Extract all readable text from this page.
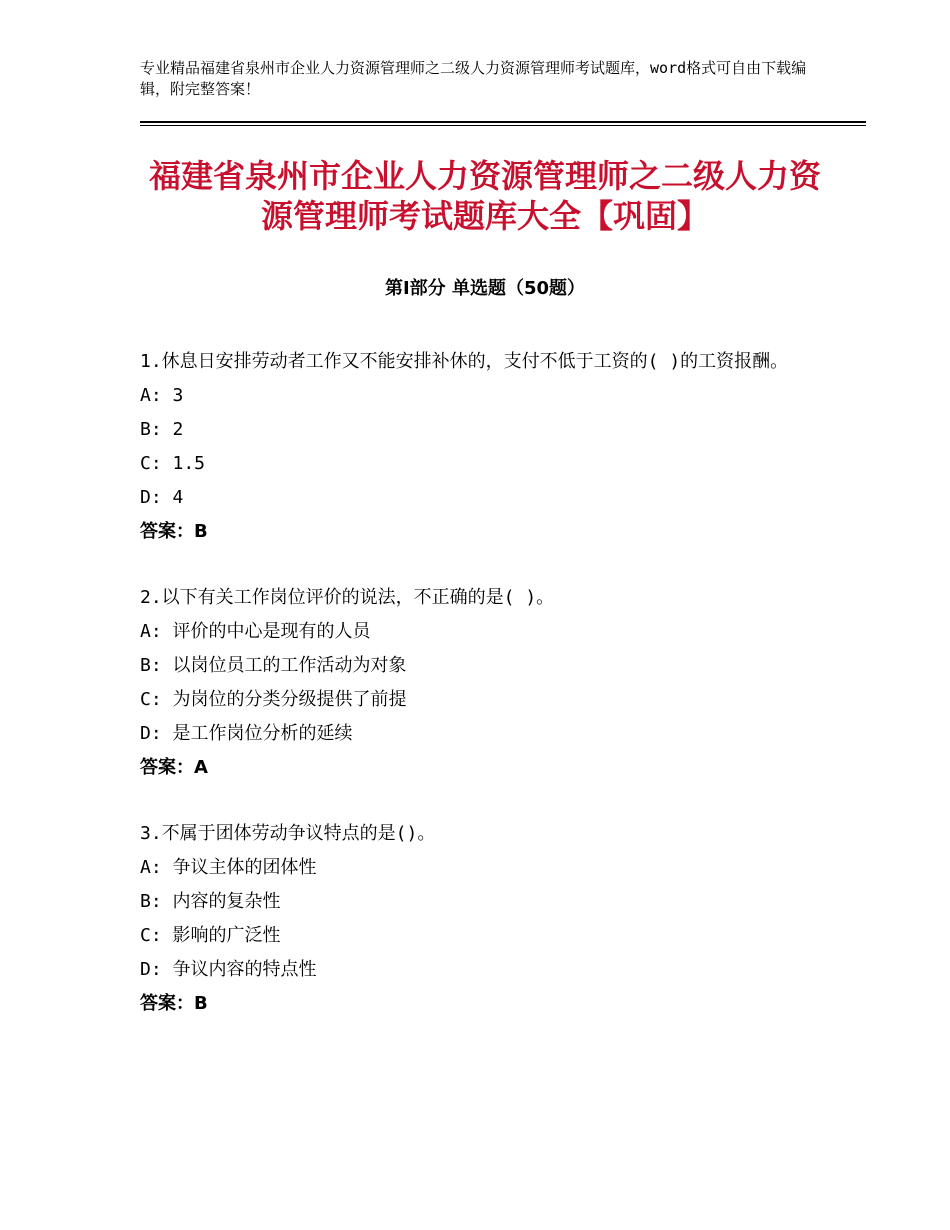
专业精品福建省泉州市企业人力资源管理师之二级人力资源管理师考试题库，word格式可自由下载编辑，附完整答案！
福建省泉州市企业人力资源管理师之二级人力资源管理师考试题库大全【巩固】
第Ⅰ部分 单选题（50题）

1.休息日安排劳动者工作又不能安排补休的，支付不低于工资的( )的工资报酬。

A: 3

B: 2

C: 1.5

D: 4

答案：B

2.以下有关工作岗位评价的说法，不正确的是( )。

A: 评价的中心是现有的人员

B: 以岗位员工的工作活动为对象

C: 为岗位的分类分级提供了前提

D: 是工作岗位分析的延续

答案：A

3.不属于团体劳动争议特点的是()。

A: 争议主体的团体性

B: 内容的复杂性

C: 影响的广泛性

D: 争议内容的特点性

答案：B
